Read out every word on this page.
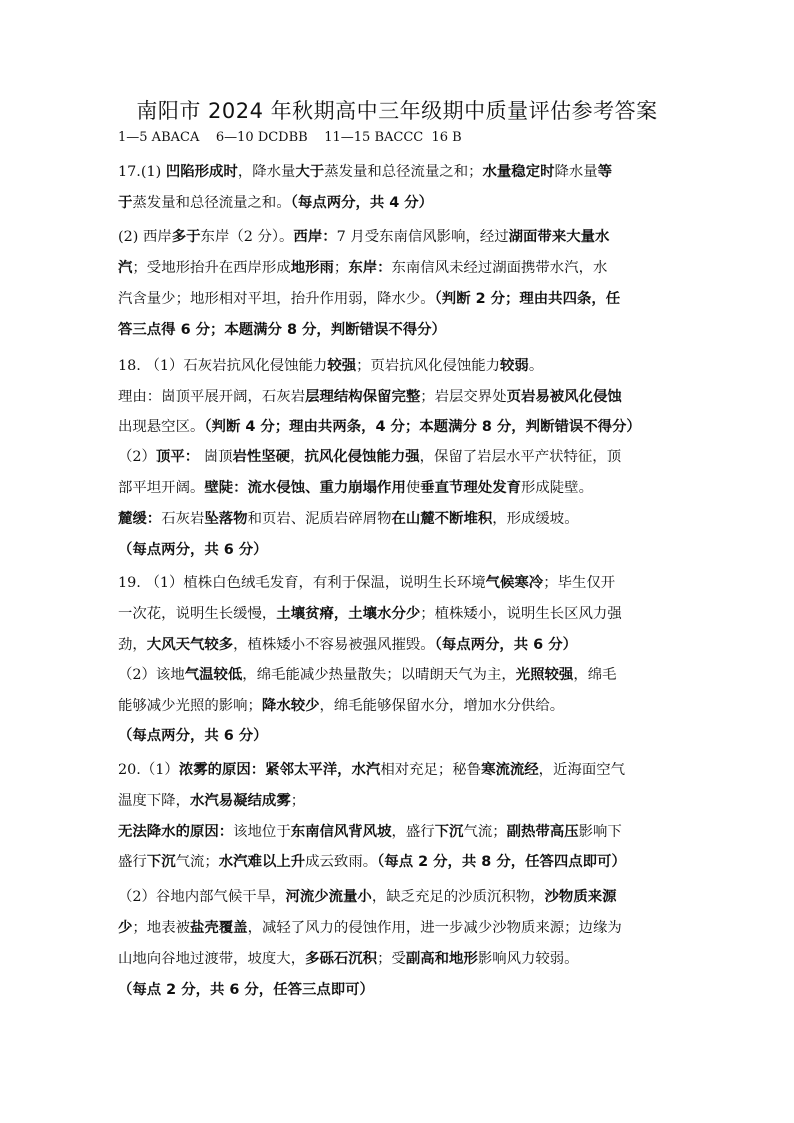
南阳市 2024 年秋期高中三年级期中质量评估参考答案
1—5 ABACA    6—10 DCDBB    11—15 BACCC  16 B
17.(1) 凹陷形成时，降水量大于蒸发量和总径流量之和；水量稳定时降水量等
于蒸发量和总径流量之和。（每点两分，共 4 分）
(2) 西岸多于东岸（2 分）。西岸：7 月受东南信风影响，经过湖面带来大量水
汽；受地形抬升在西岸形成地形雨；东岸：东南信风未经过湖面携带水汽，水
汽含量少；地形相对平坦，抬升作用弱，降水少。（判断 2 分；理由共四条，任
答三点得 6 分；本题满分 8 分，判断错误不得分）
18. （1）石灰岩抗风化侵蚀能力较强；页岩抗风化侵蚀能力较弱。
理由：崮顶平展开阔，石灰岩层理结构保留完整；岩层交界处页岩易被风化侵蚀
出现悬空区。（判断 4 分；理由共两条，4 分；本题满分 8 分，判断错误不得分）
（2）顶平： 崮顶岩性坚硬，抗风化侵蚀能力强，保留了岩层水平产状特征，顶
部平坦开阔。壁陡：流水侵蚀、重力崩塌作用使垂直节理处发育形成陡壁。
麓缓：石灰岩坠落物和页岩、泥质岩碎屑物在山麓不断堆积，形成缓坡。
（每点两分，共 6 分）
19. （1）植株白色绒毛发育，有利于保温，说明生长环境气候寒冷；毕生仅开
一次花，说明生长缓慢，土壤贫瘠，土壤水分少；植株矮小，说明生长区风力强
劲，大风天气较多，植株矮小不容易被强风摧毁。（每点两分，共 6 分）
（2）该地气温较低，绵毛能减少热量散失；以晴朗天气为主，光照较强，绵毛
能够减少光照的影响；降水较少，绵毛能够保留水分，增加水分供给。
（每点两分，共 6 分）
20.（1）浓雾的原因：紧邻太平洋，水汽相对充足；秘鲁寒流流经，近海面空气
温度下降，水汽易凝结成雾；
无法降水的原因：该地位于东南信风背风坡，盛行下沉气流；副热带高压影响下
盛行下沉气流；水汽难以上升成云致雨。（每点 2 分，共 8 分，任答四点即可）
（2）谷地内部气候干旱，河流少流量小，缺乏充足的沙质沉积物，沙物质来源
少；地表被盐壳覆盖，减轻了风力的侵蚀作用，进一步减少沙物质来源；边缘为
山地向谷地过渡带，坡度大，多砾石沉积；受副高和地形影响风力较弱。
（每点 2 分，共 6 分，任答三点即可）
